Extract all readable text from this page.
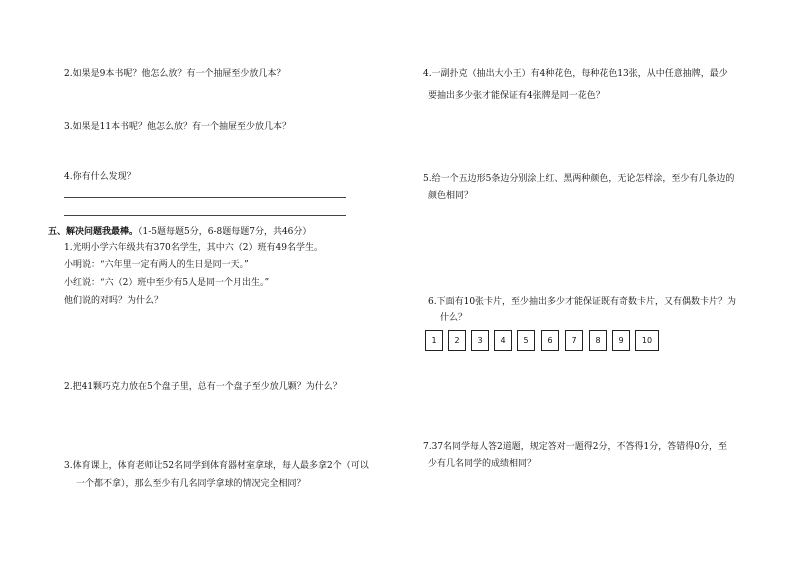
2.如果是9本书呢？他怎么放？有一个抽屉至少放几本？
3.如果是11本书呢？他怎么放？有一个抽屉至少放几本？
4.你有什么发现？
五、解决问题我最棒。（1-5题每题5分，6-8题每题7分，共46分）
1.光明小学六年级共有370名学生，其中六（2）班有49名学生。
小明说：“六年里一定有两人的生日是同一天。”
小红说：“六（2）班中至少有5人是同一个月出生。”
他们说的对吗？为什么？
2.把41颗巧克力放在5个盘子里，总有一个盘子至少放几颗？为什么？
3.体育课上，体育老师让52名同学到体育器材室拿球，每人最多拿2个（可以
一个都不拿），那么至少有几名同学拿球的情况完全相同？
4.一副扑克（抽出大小王）有4种花色，每种花色13张，从中任意抽牌，最少
要抽出多少张才能保证有4张牌是同一花色？
5.给一个五边形5条边分别涂上红、黑两种颜色，无论怎样涂，至少有几条边的
颜色相同？
6.下面有10张卡片，至少抽出多少才能保证既有奇数卡片，又有偶数卡片？为
什么？
1	2	3	4	5	6	7	8	9	10
7.37名同学每人答2道题，规定答对一题得2分，不答得1分，答错得0分，至
少有几名同学的成绩相同？
